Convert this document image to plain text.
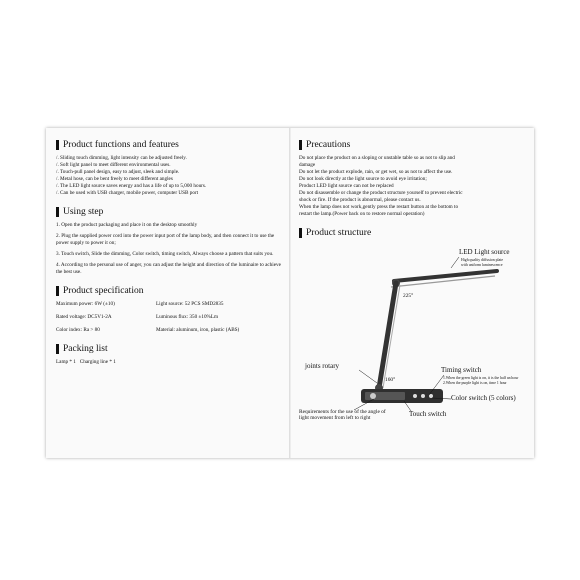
Product functions and features
/. Sliding touch dimming, light intensity can be adjusted freely.
/. Soft light panel to meet different environmental uses.
/. Touch-pull panel design, easy to adjust, sleek and simple.
/. Metal hose, can be bent freely to meet different angles
/. The LED light source saves energy and has a life of up to 5,000 hours.
/. Can be used with USB charger, mobile power, computer USB port
Using step
1. Open the product packaging and place it on the desktop smoothly
2. Plug the supplied power cord into the power input port of the lamp body, and then connect it to use the power supply to power it on;
3. Touch switch, Slide the dimming, Color switch, timing switch, Always choose a pattern that suits you.
4. According to the personal use of anger, you can adjust the height and direction of the luminaire to achieve the best use.
Product specification
Maximum power: 6W (±10)	Light source: 52 PCS SMD2835
Rated voltage: DC5V1-2A	Luminous flux: 350 ±10%Lm
Color index: Ra > 80	Material: aluminum, iron, plastic (ABS)
Packing list
Lamp * 1   Charging line * 1
Precautions
Do not place the product on a sloping or unstable table so as not to slip and
damage
Do not let the product explode, rain, or get wet, so as not to affect the use.
Do not look directly at the light source to avoid eye irritation;
Product LED light source can not be replaced
Do not disassemble or change the product structure yourself to prevent electric
shock or fire. If the product is abnormal, please contact us.
When the lamp does not work,gently press the restart button at the bottom to
restart the lamp.(Power back on to restore normal operation)
Product structure
LED Light source
High quality diffusion plate
with uniform luminescence
225°
joints rotary
160°
Timing switch
1.When the green light is on, it is the half an hour
2.When the purple light is on, time 1 hour
Color switch (5 colors)
Requirements for the use of the angle of
light movement from left to right	Touch switch
